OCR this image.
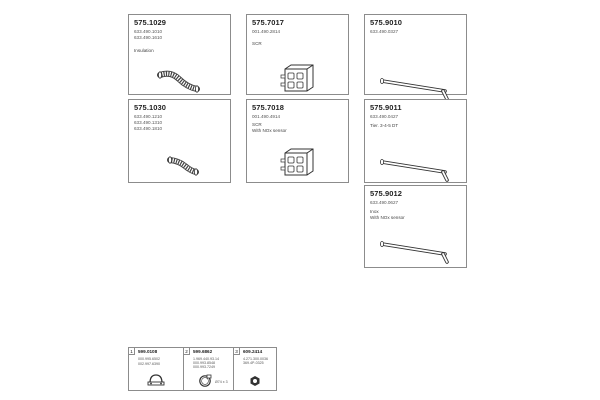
575.1029
633.490.1010
633.490.1610
Insulation
575.1030
633.490.1210
633.490.1310
633.490.1810
575.7017
001.490.2814
SCR
575.7018
001.490.4914
SCR
With NOx sensor
575.9010
633.490.0327
575.9011
633.490.0427
Tier. 3-4-5 DT
575.9012
633.490.0627
Inox
With NOx sensor
1	599.0108
000.995.6502
002.997.6390
2	599.6862
1.969.440.93.14
000.993.8548
000.993.7249
Ø74 x 3
3	609.2414
4.271.300.0036
369.4P-0325
